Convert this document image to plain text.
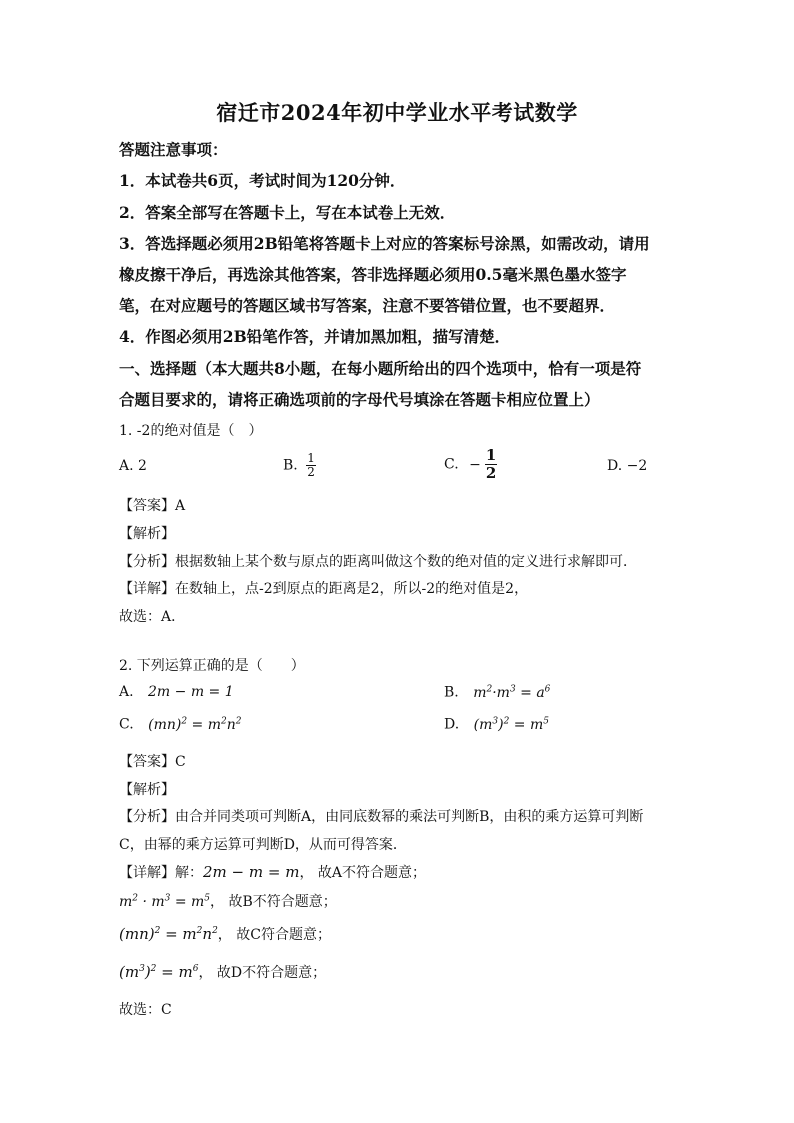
宿迁市2024年初中学业水平考试数学
答题注意事项：
1．本试卷共6页，考试时间为120分钟．
2．答案全部写在答题卡上，写在本试卷上无效．
3．答选择题必须用2B铅笔将答题卡上对应的答案标号涂黑，如需改动，请用
橡皮擦干净后，再选涂其他答案，答非选择题必须用0.5毫米黑色墨水签字
笔，在对应题号的答题区域书写答案，注意不要答错位置，也不要超界．
4．作图必须用2B铅笔作答，并请加黑加粗，描写清楚．
一、选择题（本大题共8小题，在每小题所给出的四个选项中，恰有一项是符
合题目要求的，请将正确选项前的字母代号填涂在答题卡相应位置上）
1. -2的绝对值是（　）
A. 2	B. $\frac{1}{2}$	C. − $\frac{1}{2}$	D. −2
【答案】A
【解析】
【分析】根据数轴上某个数与原点的距离叫做这个数的绝对值的定义进行求解即可．
【详解】在数轴上，点-2到原点的距离是2，所以-2的绝对值是2，
故选：A．
2. 下列运算正确的是（　　）
A. 2m − m = 1	B. $m^2\cdot m^3 = a^6$
C. $(mn)^2 = m^2n^2$	D. $(m^3)^2 = m^5$
【答案】C
【解析】
【分析】由合并同类项可判断A，由同底数幂的乘法可判断B，由积的乘方运算可判断
C，由幂的乘方运算可判断D，从而可得答案．
【详解】解：2m − m = m， 故A不符合题意；
$m^2 \cdot m^3 = m^5$， 故B不符合题意；
$(mn)^2 = m^2n^2$， 故C符合题意；
$(m^3)^2 = m^6$， 故D不符合题意；
故选：C
